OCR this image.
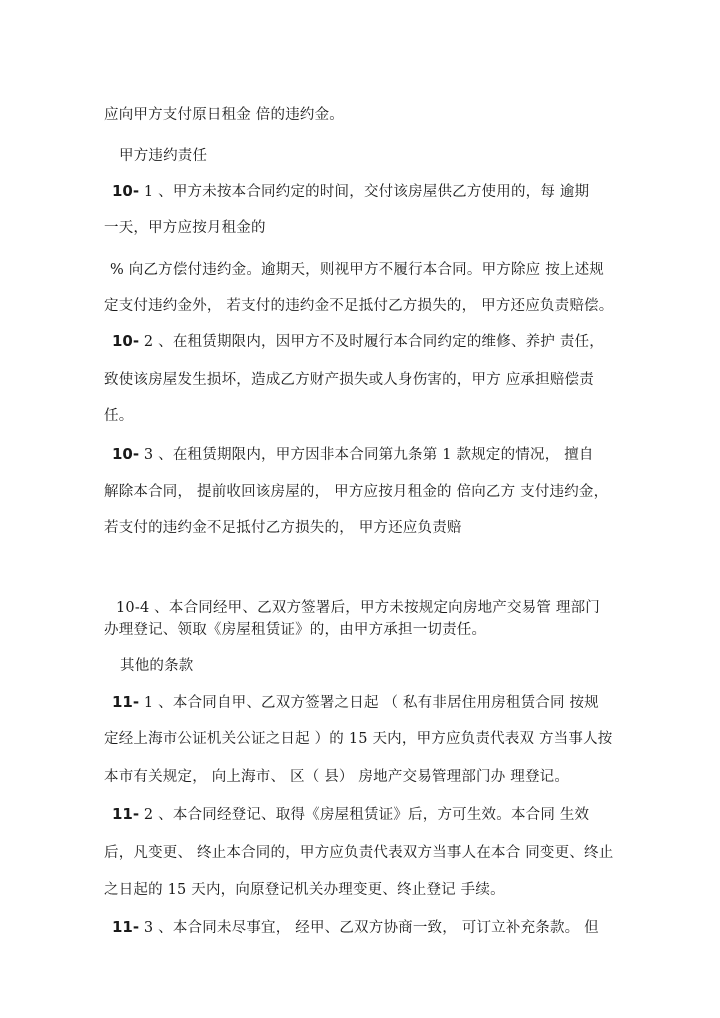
应向甲方支付原日租金 倍的违约金。
甲方违约责任
10- 1 、甲方未按本合同约定的时间，交付该房屋供乙方使用的，每 逾期
一天，甲方应按月租金的
% 向乙方偿付违约金。逾期天，则视甲方不履行本合同。甲方除应 按上述规
定支付违约金外， 若支付的违约金不足抵付乙方损失的， 甲方还应负责赔偿。
10- 2 、在租赁期限内，因甲方不及时履行本合同约定的维修、养护 责任，
致使该房屋发生损坏，造成乙方财产损失或人身伤害的，甲方 应承担赔偿责
任。
10- 3 、在租赁期限内，甲方因非本合同第九条第 1 款规定的情况， 擅自
解除本合同， 提前收回该房屋的， 甲方应按月租金的 倍向乙方 支付违约金，
若支付的违约金不足抵付乙方损失的， 甲方还应负责赔
10-4 、本合同经甲、乙双方签署后，甲方未按规定向房地产交易管 理部门
办理登记、领取《房屋租赁证》的，由甲方承担一切责任。
其他的条款
11- 1 、本合同自甲、乙双方签署之日起 （ 私有非居住用房租赁合同 按规
定经上海市公证机关公证之日起 ）的 15 天内，甲方应负责代表双 方当事人按
本市有关规定， 向上海市、 区（ 县） 房地产交易管理部门办 理登记。
11- 2 、本合同经登记、取得《房屋租赁证》后，方可生效。本合同 生效
后，凡变更、 终止本合同的，甲方应负责代表双方当事人在本合 同变更、终止
之日起的 15 天内，向原登记机关办理变更、终止登记 手续。
11- 3 、本合同未尽事宜， 经甲、乙双方协商一致， 可订立补充条款。 但
